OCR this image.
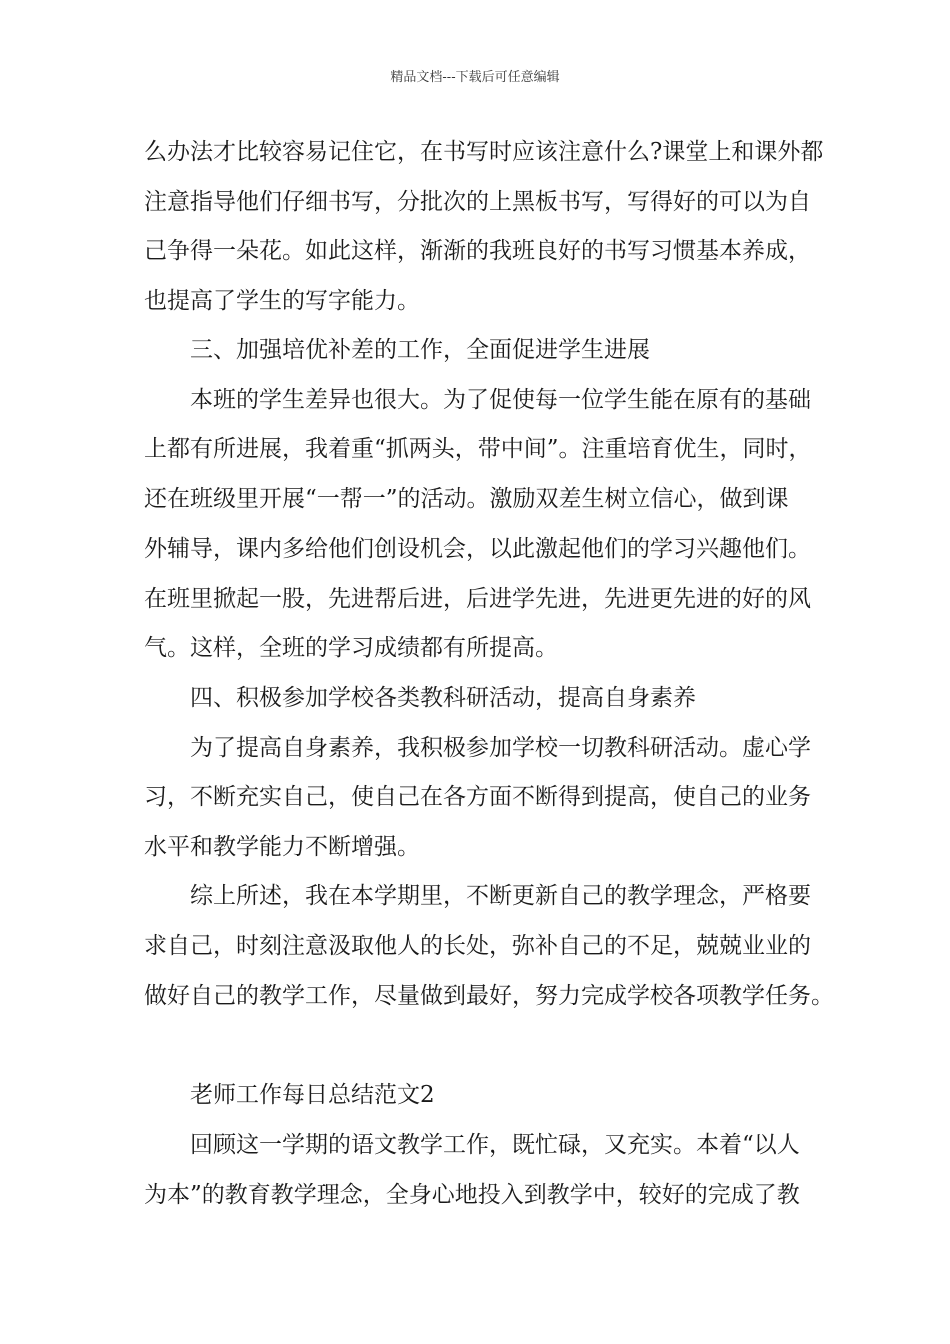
精品文档---下载后可任意编辑
么办法才比较容易记住它，在书写时应该注意什么?课堂上和课外都
注意指导他们仔细书写，分批次的上黑板书写，写得好的可以为自
己争得一朵花。如此这样，渐渐的我班良好的书写习惯基本养成，
也提高了学生的写字能力。
三、加强培优补差的工作，全面促进学生进展
本班的学生差异也很大。为了促使每一位学生能在原有的基础
上都有所进展，我着重“抓两头，带中间”。注重培育优生，同时，
还在班级里开展“一帮一”的活动。激励双差生树立信心，做到课
外辅导，课内多给他们创设机会，以此激起他们的学习兴趣他们。
在班里掀起一股，先进帮后进，后进学先进，先进更先进的好的风
气。这样，全班的学习成绩都有所提高。
四、积极参加学校各类教科研活动，提高自身素养
为了提高自身素养，我积极参加学校一切教科研活动。虚心学
习，不断充实自己，使自己在各方面不断得到提高，使自己的业务
水平和教学能力不断增强。
综上所述，我在本学期里，不断更新自己的教学理念，严格要
求自己，时刻注意汲取他人的长处，弥补自己的不足，兢兢业业的
做好自己的教学工作，尽量做到最好，努力完成学校各项教学任务。
老师工作每日总结范文2
回顾这一学期的语文教学工作，既忙碌，又充实。本着“以人
为本”的教育教学理念，全身心地投入到教学中，较好的完成了教
